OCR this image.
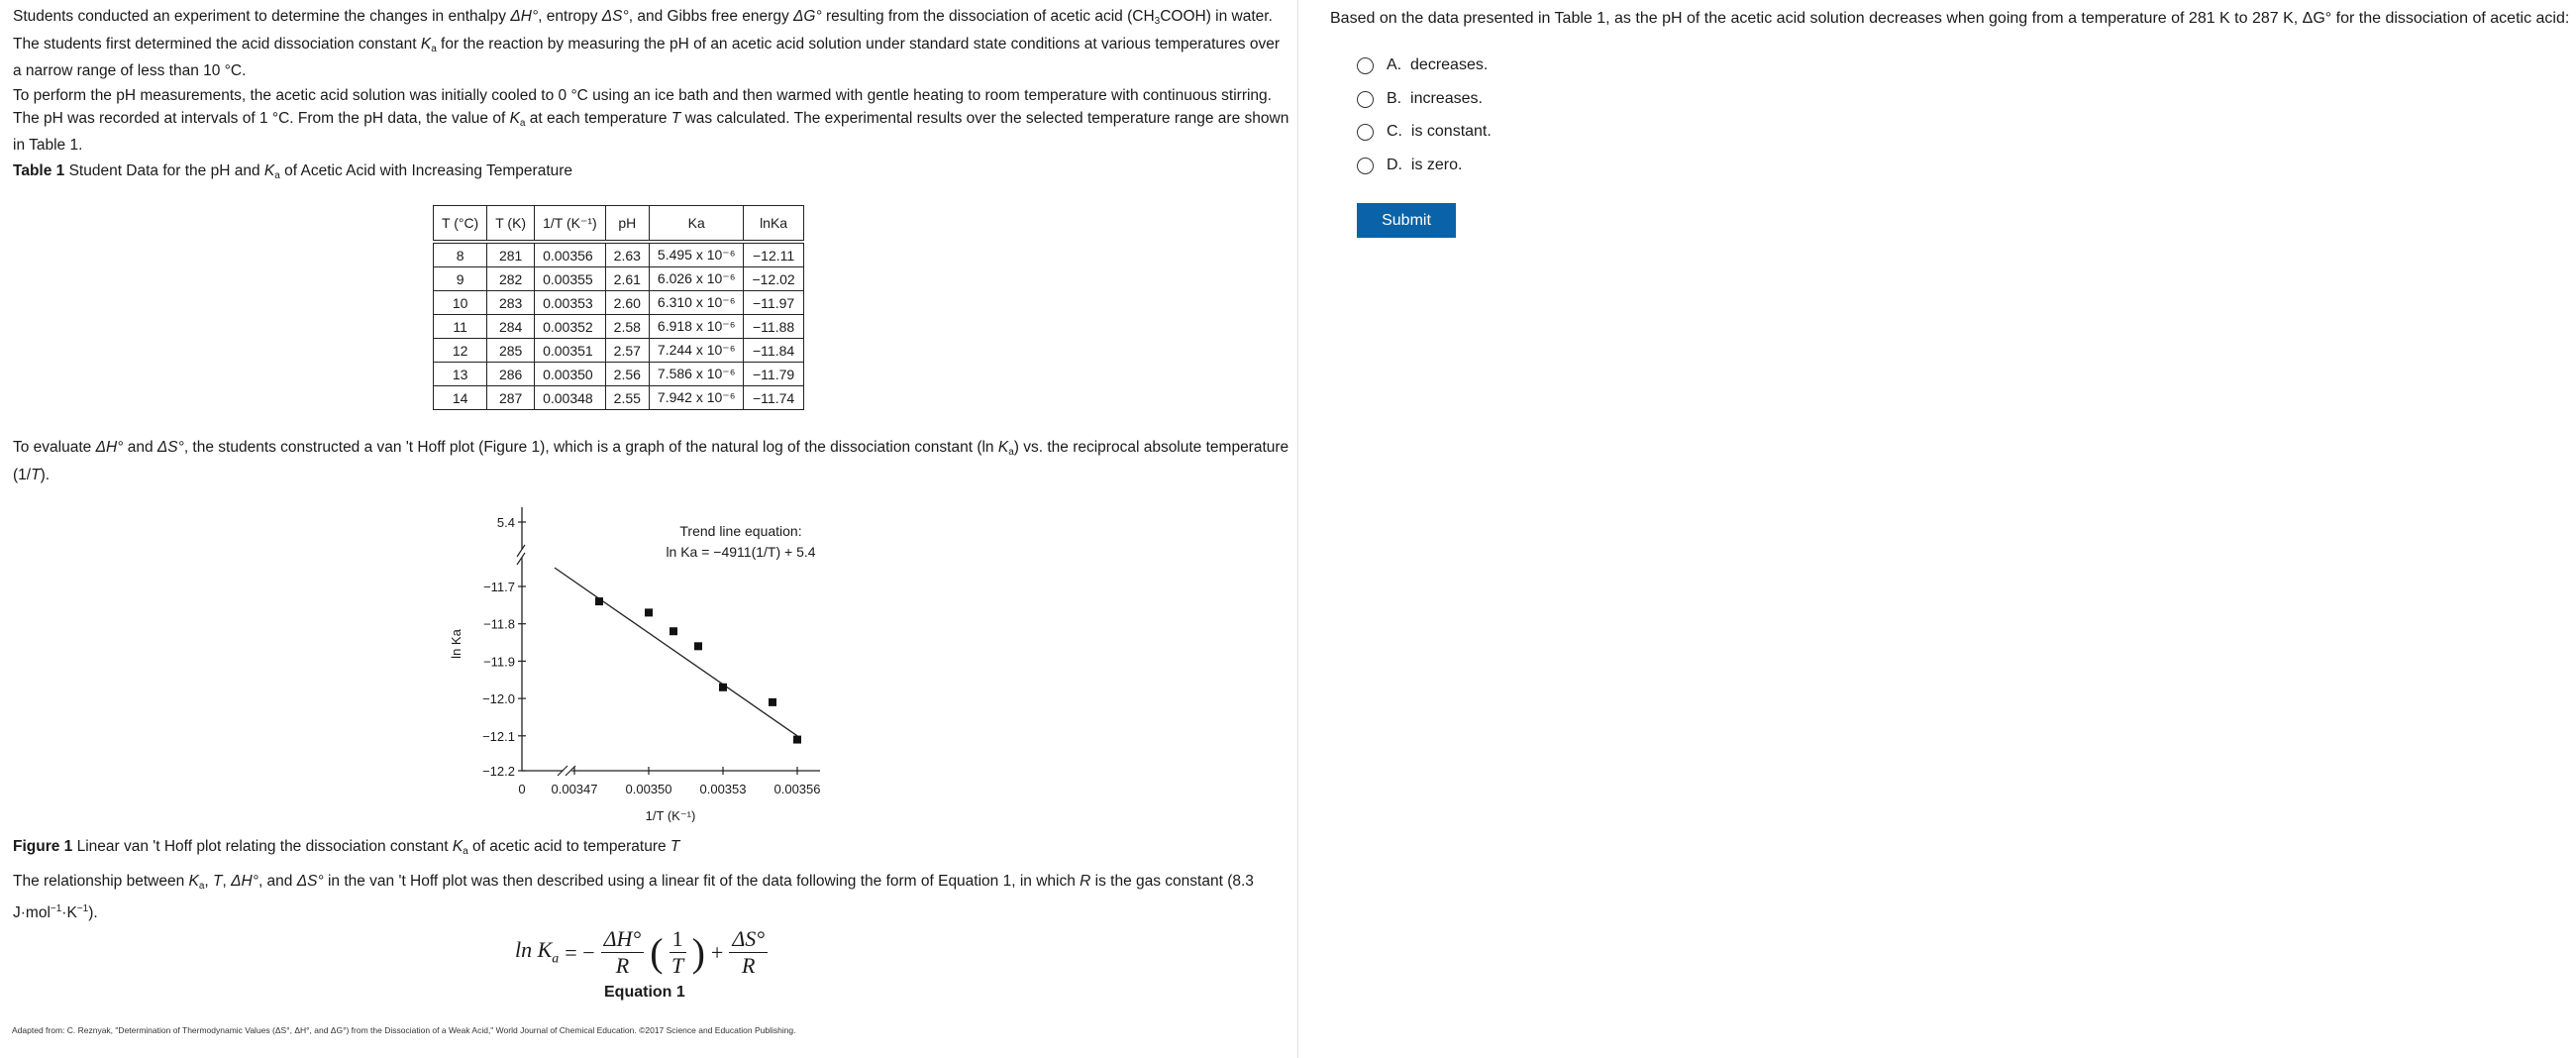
Students conducted an experiment to determine the changes in enthalpy ΔH°, entropy ΔS°, and Gibbs free energy ΔG° resulting from the dissociation of acetic acid $(CH_3COOH)$ in water. The students first determined the acid dissociation constant $K_a$ for the reaction by measuring the pH of an acetic acid solution under standard state conditions at various temperatures over a narrow range of less than 10 °C.

To perform the pH measurements, the acetic acid solution was initially cooled to 0 °C using an ice bath and then warmed with gentle heating to room temperature with continuous stirring. The pH was recorded at intervals of 1 °C. From the pH data, the value of $K_a$ at each temperature T was calculated. The experimental results over the selected temperature range are shown in Table 1.

Table 1 Student Data for the pH and $K_a$ of Acetic Acid with Increasing Temperature

T (°C)	T (K)	1/T (K⁻¹)	pH	Ka	lnKa
8	281	0.00356	2.63	5.495 x 10⁻⁶	−12.11
9	282	0.00355	2.61	6.026 x 10⁻⁶	−12.02
10	283	0.00353	2.60	6.310 x 10⁻⁶	−11.97
11	284	0.00352	2.58	6.918 x 10⁻⁶	−11.88
12	285	0.00351	2.57	7.244 x 10⁻⁶	−11.84
13	286	0.00350	2.56	7.586 x 10⁻⁶	−11.79
14	287	0.00348	2.55	7.942 x 10⁻⁶	−11.74

To evaluate ΔH° and ΔS°, the students constructed a van 't Hoff plot (Figure 1), which is a graph of the natural log of the dissociation constant (ln $K_a$) vs. the reciprocal absolute temperature (1/T).

5.4
−11.7
−11.8
−11.9
−12.0
−12.1
−12.2
0 0.00347 0.00350 0.00353 0.00356
1/T (K⁻¹)
ln Ka
Trend line equation:
ln Ka = −4911(1/T) + 5.4

Figure 1 Linear van 't Hoff plot relating the dissociation constant $K_a$ of acetic acid to temperature T

The relationship between $K_a$, T, ΔH°, and ΔS° in the van 't Hoff plot was then described using a linear fit of the data following the form of Equation 1, in which R is the gas constant (8.3 $J\cdot mol^{-1}\cdot K^{-1}$).

$\ln K_a$ = − $\frac{\Delta H^\circ}{R}$ ( $\frac{1}{T}$ ) + $\frac{\Delta S^\circ}{R}$
Equation 1
Adapted from: C. Reznyak, "Determination of Thermodynamic Values (ΔS°, ΔH°, and ΔG°) from the Dissociation of a Weak Acid," World Journal of Chemical Education. ©2017 Science and Education Publishing.

Based on the data presented in Table 1, as the pH of the acetic acid solution decreases when going from a temperature of 281 K to 287 K, ΔG° for the dissociation of acetic acid:

A. decreases.
B. increases.
C. is constant.
D. is zero.
Submit
